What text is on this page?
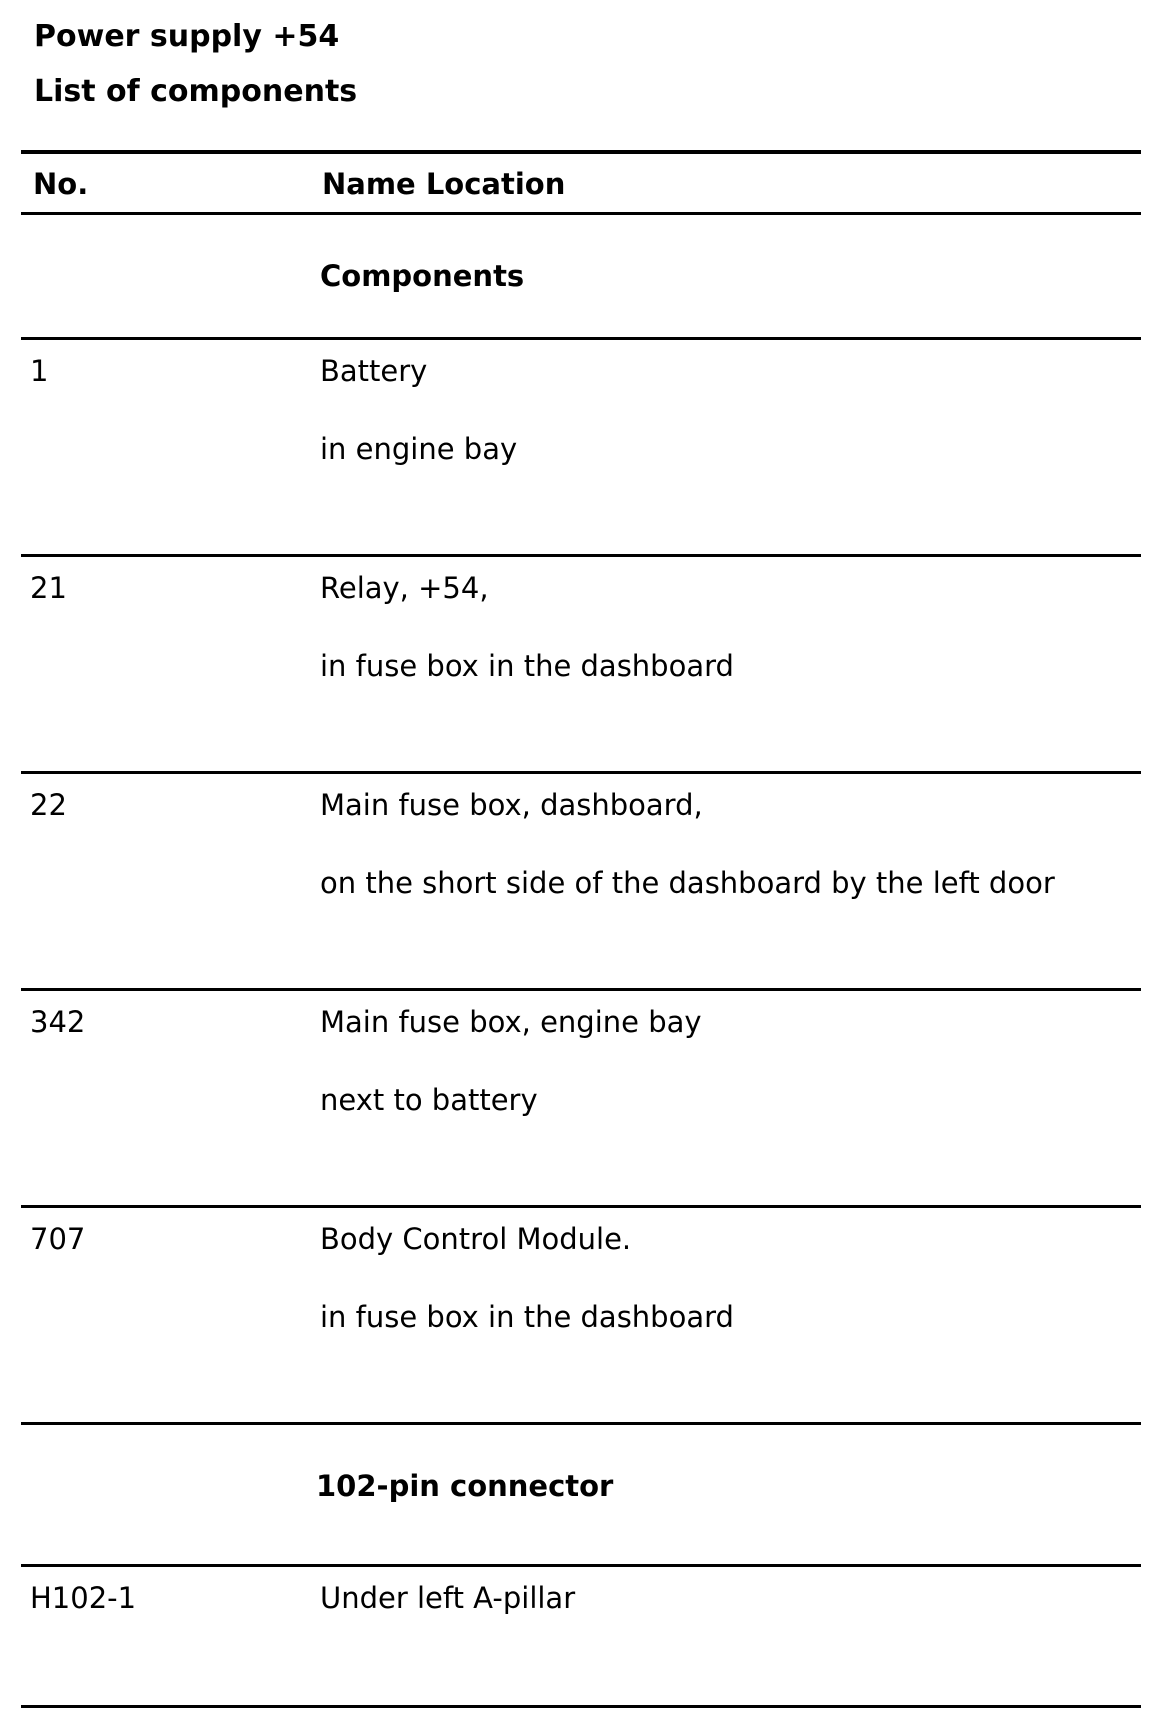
Power supply +54
List of components
No.	Name Location
Components
1	Battery
in engine bay
21	Relay, +54,
in fuse box in the dashboard
22	Main fuse box, dashboard,
on the short side of the dashboard by the left door
342	Main fuse box, engine bay
next to battery
707	Body Control Module.
in fuse box in the dashboard
102-pin connector
H102-1	Under left A-pillar
